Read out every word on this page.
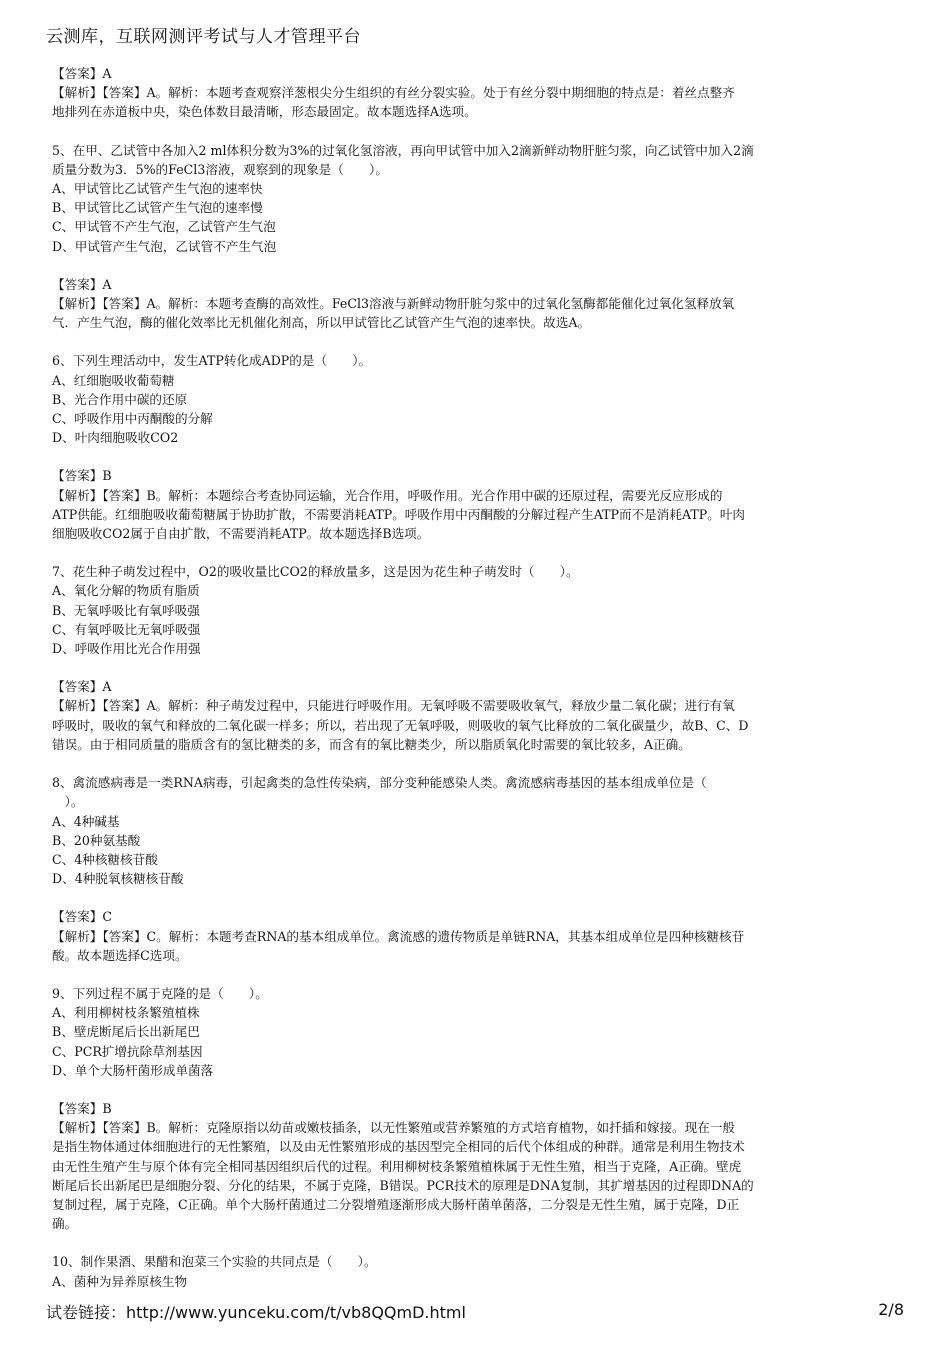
云测库，互联网测评考试与人才管理平台

【答案】A

【解析】【答案】A。解析：本题考查观察洋葱根尖分生组织的有丝分裂实验。处于有丝分裂中期细胞的特点是：着丝点整齐

地排列在赤道板中央，染色体数目最清晰，形态最固定。故本题选择A选项。

5、在甲、乙试管中各加入2 ml体积分数为3%的过氧化氢溶液，再向甲试管中加入2滴新鲜动物肝脏匀浆，向乙试管中加入2滴

质量分数为3．5%的FeCl3溶液，观察到的现象是（　　）。

A、甲试管比乙试管产生气泡的速率快

B、甲试管比乙试管产生气泡的速率慢

C、甲试管不产生气泡，乙试管产生气泡

D、甲试管产生气泡，乙试管不产生气泡

【答案】A

【解析】【答案】A。解析：本题考查酶的高效性。FeCl3溶液与新鲜动物肝脏匀浆中的过氧化氢酶都能催化过氧化氢释放氧

气．产生气泡，酶的催化效率比无机催化剂高，所以甲试管比乙试管产生气泡的速率快。故选A。

6、下列生理活动中，发生ATP转化成ADP的是（　　）。

A、红细胞吸收葡萄糖

B、光合作用中碳的还原

C、呼吸作用中丙酮酸的分解

D、叶肉细胞吸收CO2

【答案】B

【解析】【答案】B。解析：本题综合考查协同运输，光合作用，呼吸作用。光合作用中碳的还原过程，需要光反应形成的

ATP供能。红细胞吸收葡萄糖属于协助扩散，不需要消耗ATP。呼吸作用中丙酮酸的分解过程产生ATP而不是消耗ATP。叶肉

细胞吸收CO2属于自由扩散，不需要消耗ATP。故本题选择B选项。

7、花生种子萌发过程中，O2的吸收量比CO2的释放量多，这是因为花生种子萌发时（　　）。

A、氧化分解的物质有脂质

B、无氧呼吸比有氧呼吸强

C、有氧呼吸比无氧呼吸强

D、呼吸作用比光合作用强

【答案】A

【解析】【答案】A。解析：种子萌发过程中，只能进行呼吸作用。无氧呼吸不需要吸收氧气，释放少量二氧化碳；进行有氧

呼吸时，吸收的氧气和释放的二氧化碳一样多；所以，若出现了无氧呼吸，则吸收的氧气比释放的二氧化碳量少，故B、C、D

错误。由于相同质量的脂质含有的氢比糖类的多，而含有的氧比糖类少，所以脂质氧化时需要的氧比较多，A正确。

8、禽流感病毒是一类RNA病毒，引起禽类的急性传染病，部分变种能感染人类。禽流感病毒基因的基本组成单位是（

　）。

A、4种碱基

B、20种氨基酸

C、4种核糖核苷酸

D、4种脱氧核糖核苷酸

【答案】C

【解析】【答案】C。解析：本题考查RNA的基本组成单位。禽流感的遗传物质是单链RNA，其基本组成单位是四种核糖核苷

酸。故本题选择C选项。

9、下列过程不属于克隆的是（　　）。

A、利用柳树枝条繁殖植株

B、壁虎断尾后长出新尾巴

C、PCR扩增抗除草剂基因

D、单个大肠杆菌形成单菌落

【答案】B

【解析】【答案】B。解析：克隆原指以幼苗或嫩枝插条，以无性繁殖或营养繁殖的方式培育植物，如扦插和嫁接。现在一般

是指生物体通过体细胞进行的无性繁殖，以及由无性繁殖形成的基因型完全相同的后代个体组成的种群。通常是利用生物技术

由无性生殖产生与原个体有完全相同基因组织后代的过程。利用柳树枝条繁殖植株属于无性生殖，相当于克隆，A正确。壁虎

断尾后长出新尾巴是细胞分裂、分化的结果，不属于克隆，B错误。PCR技术的原理是DNA复制，其扩增基因的过程即DNA的

复制过程，属于克隆，C正确。单个大肠杆菌通过二分裂增殖逐渐形成大肠杆菌单菌落，二分裂是无性生殖，属于克隆，D正

确。

10、制作果酒、果醋和泡菜三个实验的共同点是（　　）。

A、菌种为异养原核生物

试卷链接：http://www.yunceku.com/t/vb8QQmD.html	2/8
